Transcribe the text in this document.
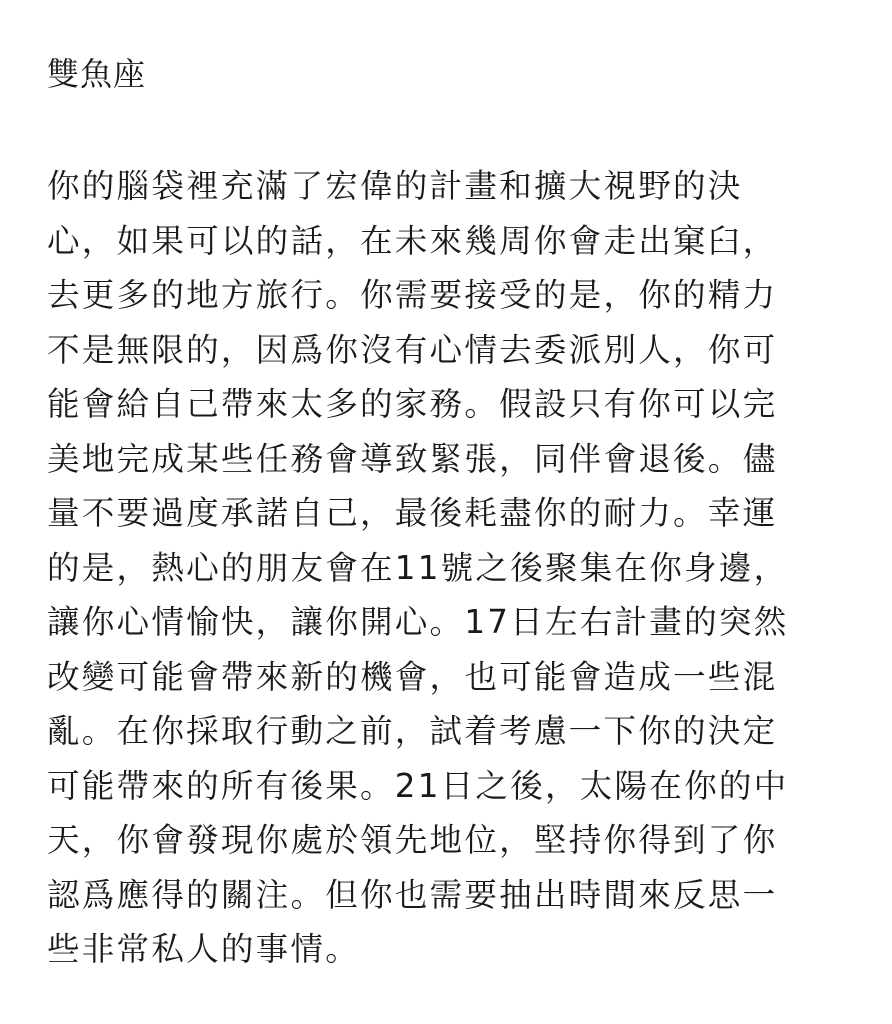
雙魚座

你的腦袋裡充滿了宏偉的計畫和擴大視野的決
心，如果可以的話，在未來幾周你會走出窠臼，
去更多的地方旅行。你需要接受的是，你的精力
不是無限的，因爲你沒有心情去委派別人，你可
能會給自己帶來太多的家務。假設只有你可以完
美地完成某些任務會導致緊張，同伴會退後。儘
量不要過度承諾自己，最後耗盡你的耐力。幸運
的是，熱心的朋友會在11號之後聚集在你身邊，
讓你心情愉快，讓你開心。17日左右計畫的突然
改變可能會帶來新的機會，也可能會造成一些混
亂。在你採取行動之前，試着考慮一下你的決定
可能帶來的所有後果。21日之後，太陽在你的中
天，你會發現你處於領先地位，堅持你得到了你
認爲應得的關注。但你也需要抽出時間來反思一
些非常私人的事情。
